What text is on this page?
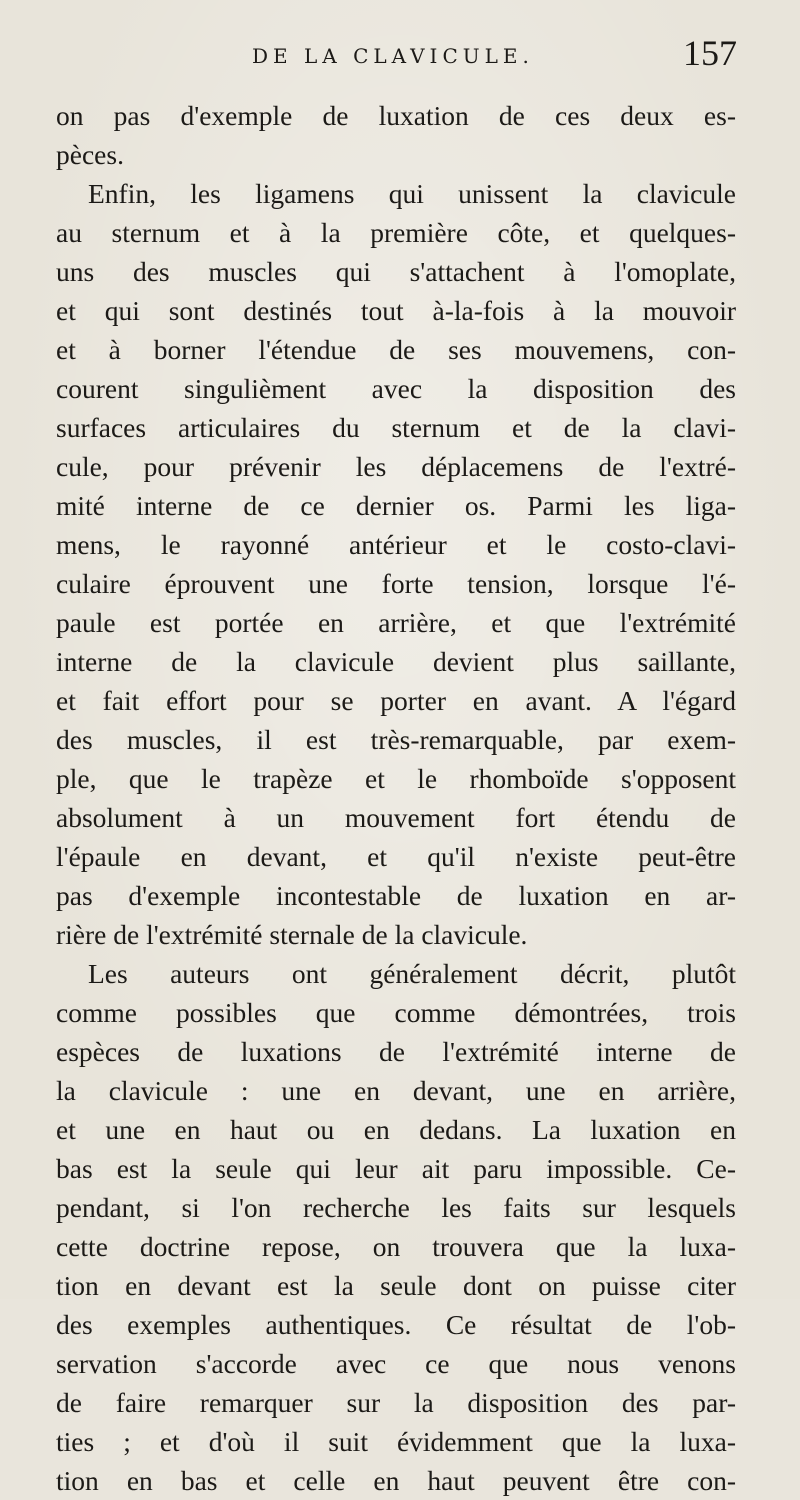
DE LA CLAVICULE.	157
on pas d'exemple de luxation de ces deux es-
pèces.
Enfin, les ligamens qui unissent la clavicule
au sternum et à la première côte, et quelques-
uns des muscles qui s'attachent à l'omoplate,
et qui sont destinés tout à-la-fois à la mouvoir
et à borner l'étendue de ses mouvemens, con-
courent singulièment avec la disposition des
surfaces articulaires du sternum et de la clavi-
cule, pour prévenir les déplacemens de l'extré-
mité interne de ce dernier os. Parmi les liga-
mens, le rayonné antérieur et le costo-clavi-
culaire éprouvent une forte tension, lorsque l'é-
paule est portée en arrière, et que l'extrémité
interne de la clavicule devient plus saillante,
et fait effort pour se porter en avant. A l'égard
des muscles, il est très-remarquable, par exem-
ple, que le trapèze et le rhomboïde s'opposent
absolument à un mouvement fort étendu de
l'épaule en devant, et qu'il n'existe peut-être
pas d'exemple incontestable de luxation en ar-
rière de l'extrémité sternale de la clavicule.
Les auteurs ont généralement décrit, plutôt
comme possibles que comme démontrées, trois
espèces de luxations de l'extrémité interne de
la clavicule : une en devant, une en arrière,
et une en haut ou en dedans. La luxation en
bas est la seule qui leur ait paru impossible. Ce-
pendant, si l'on recherche les faits sur lesquels
cette doctrine repose, on trouvera que la luxa-
tion en devant est la seule dont on puisse citer
des exemples authentiques. Ce résultat de l'ob-
servation s'accorde avec ce que nous venons
de faire remarquer sur la disposition des par-
ties ; et d'où il suit évidemment que la luxa-
tion en bas et celle en haut peuvent être con-
